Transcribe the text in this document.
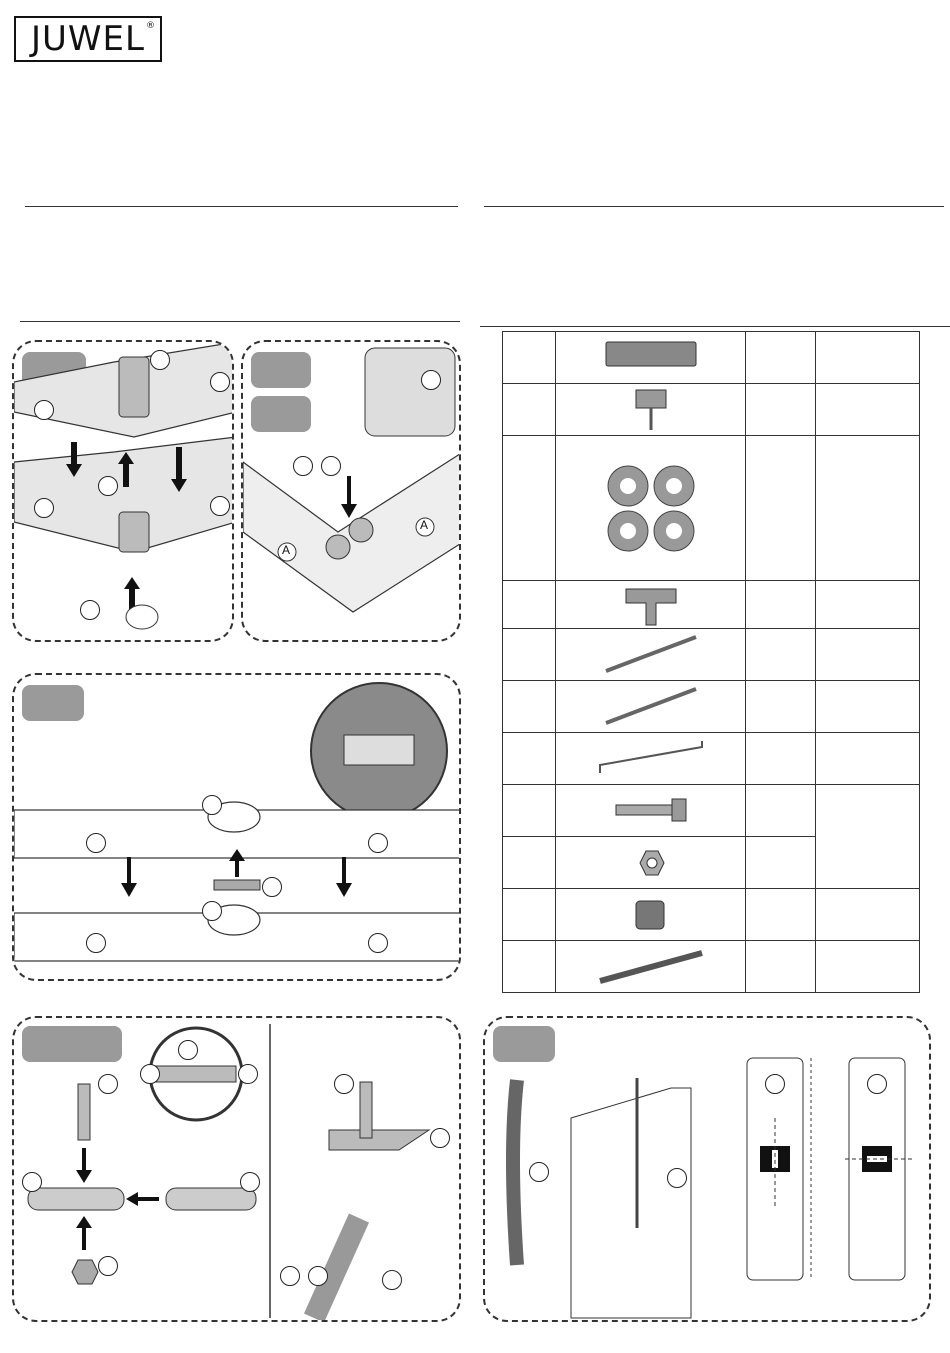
JUWEL®
A
A
